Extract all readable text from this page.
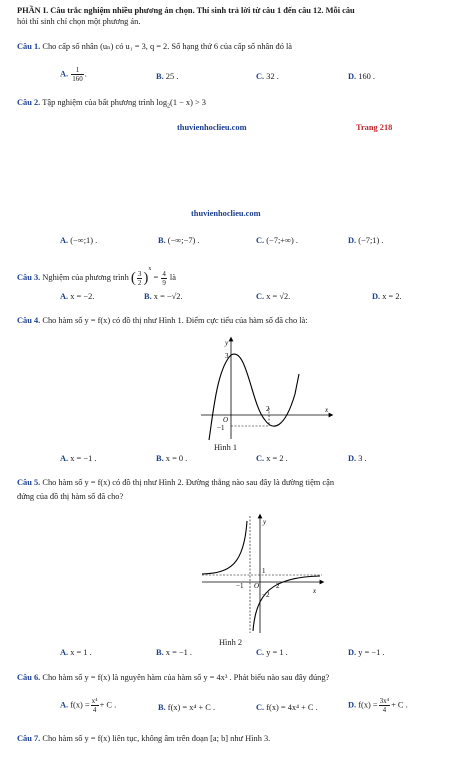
PHẦN I. Câu trắc nghiệm nhiều phương án chọn. Thí sinh trả lời từ câu 1 đến câu 12. Mỗi câu
hỏi thí sinh chỉ chọn một phương án.
Câu 1. Cho cấp số nhân (uₙ) có u₁ = 3, q = 2. Số hạng thứ 6 của cấp số nhân đó là
A. $\frac{1}{160}$ .	B. 25 .	C. 32 .	D. 160 .
Câu 2. Tập nghiệm của bất phương trình $\log_2(1 - x) > 3$
thuvienhoclieu.com	Trang 218
thuvienhoclieu.com
A. (−∞;1) .	B. (−∞;−7) .	C. (−7;+∞) .	D. (−7;1) .
Câu 3. Nghiệm của phương trình ( $\frac{3}{2} )^x = \frac{4}{9}$ là
A. x = −2.	B. x = −√2.	C. x = √2.	D. x = 2.
Câu 4. Cho hàm số y = f(x) có đồ thị như Hình 1. Điểm cực tiểu của hàm số đã cho là:
y
x
3
2
O
−1
Hình 1
A. x = −1 .	B. x = 0 .	C. x = 2 .	D. 3 .
Câu 5. Cho hàm số y = f(x) có đồ thị như Hình 2. Đường thẳng nào sau đây là đường tiệm cận
đứng của đồ thị hàm số đã cho?
y
x
1
−1 O 2
−2
Hình 2
A. x = 1 .	B. x = −1 .	C. y = 1 .	D. y = −1 .
Câu 6. Cho hàm số y = f(x) là nguyên hàm của hàm số y = 4x³ . Phát biểu nào sau đây đúng?
A. $f(x) = \frac{\text{x⁴}}{4} + C$ .	B. f(x) = x⁴ + C .	C. f(x) = 4x⁴ + C .	D. $f(x) = \frac{\text{3x⁴}}{4} + C$ .
Câu 7. Cho hàm số y = f(x) liên tục, không âm trên đoạn [a; b] như Hình 3.
